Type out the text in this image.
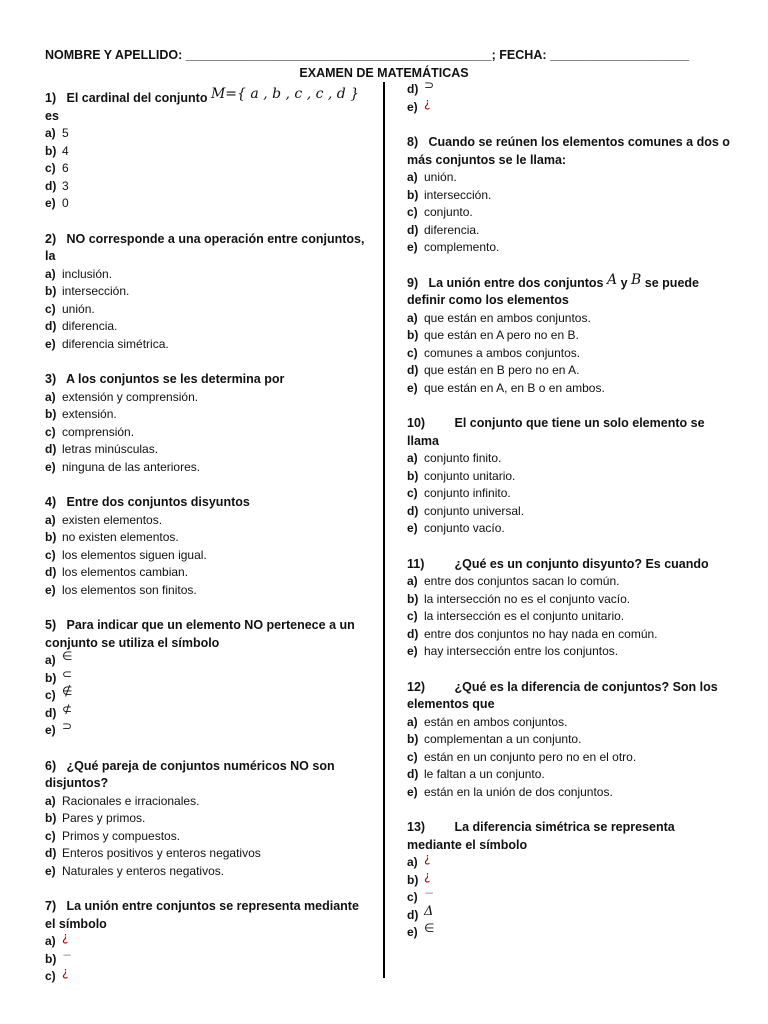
NOMBRE Y APELLIDO: ____________________________________________; FECHA: ____________________
EXAMEN DE MATEMÁTICAS
1) El cardinal del conjunto M={ a , b , c , c , d } es
a) 5
b) 4
c) 6
d) 3
e) 0
2) NO corresponde a una operación entre conjuntos, la
a) inclusión.
b) intersección.
c) unión.
d) diferencia.
e) diferencia simétrica.
3) A los conjuntos se les determina por
a) extensión y comprensión.
b) extensión.
c) comprensión.
d) letras minúsculas.
e) ninguna de las anteriores.
4) Entre dos conjuntos disyuntos
a) existen elementos.
b) no existen elementos.
c) los elementos siguen igual.
d) los elementos cambian.
e) los elementos son finitos.
5) Para indicar que un elemento NO pertenece a un conjunto se utiliza el símbolo
a) ∈
b) ⊂
c) ∉
d) ⊄
e) ⊃
6) ¿Qué pareja de conjuntos numéricos NO son disjuntos?
a) Racionales e irracionales.
b) Pares y primos.
c) Primos y compuestos.
d) Enteros positivos y enteros negativos
e) Naturales y enteros negativos.
7) La unión entre conjuntos se representa mediante el símbolo
a) ¿
b) −
c) ¿
d) ⊃
e) ¿
8) Cuando se reúnen los elementos comunes a dos o más conjuntos se le llama:
a) unión.
b) intersección.
c) conjunto.
d) diferencia.
e) complemento.
9) La unión entre dos conjuntos A y B se puede definir como los elementos
a) que están en ambos conjuntos.
b) que están en A pero no en B.
c) comunes a ambos conjuntos.
d) que están en B pero no en A.
e) que están en A, en B o en ambos.
10) El conjunto que tiene un solo elemento se llama
a) conjunto finito.
b) conjunto unitario.
c) conjunto infinito.
d) conjunto universal.
e) conjunto vacío.
11) ¿Qué es un conjunto disyunto? Es cuando
a) entre dos conjuntos sacan lo común.
b) la intersección no es el conjunto vacío.
c) la intersección es el conjunto unitario.
d) entre dos conjuntos no hay nada en común.
e) hay intersección entre los conjuntos.
12) ¿Qué es la diferencia de conjuntos? Son los elementos que
a) están en ambos conjuntos.
b) complementan a un conjunto.
c) están en un conjunto pero no en el otro.
d) le faltan a un conjunto.
e) están en la unión de dos conjuntos.
13) La diferencia simétrica se representa mediante el símbolo
a) ¿
b) ¿
c) −
d) Δ
e) ∈
